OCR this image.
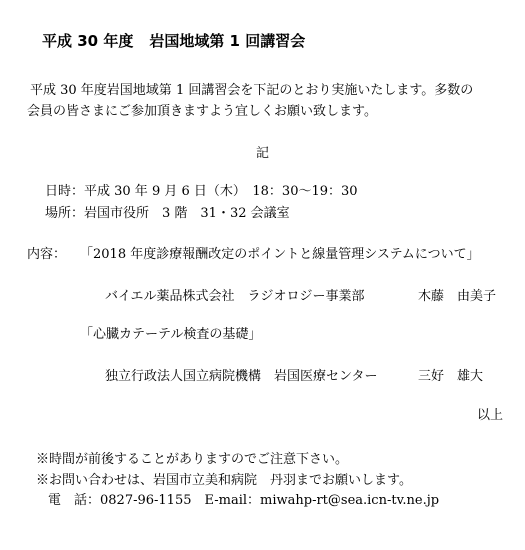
平成 30 年度 岩国地域第 1 回講習会
平成 30 年度岩国地域第 1 回講習会を下記のとおり実施いたします。多数の
会員の皆さまにご参加頂きますよう宜しくお願い致します。
記
日時：平成 30 年 9 月 6 日（木）　18：30〜19：30
場所：岩国市役所　3 階　31・32 会議室
内容： 「2018 年度診療報酬改定のポイントと線量管理システムについて」
バイエル薬品株式会社　ラジオロジー事業部	木藤　由美子
「心臓カテーテル検査の基礎」
独立行政法人国立病院機構　岩国医療センター	三好　雄大
以上
※時間が前後することがありますのでご注意下さい。
※お問い合わせは、岩国市立美和病院　丹羽までお願いします。
電　話：0827-96-1155　E-mail：miwahp-rt@sea.icn-tv.ne.jp
